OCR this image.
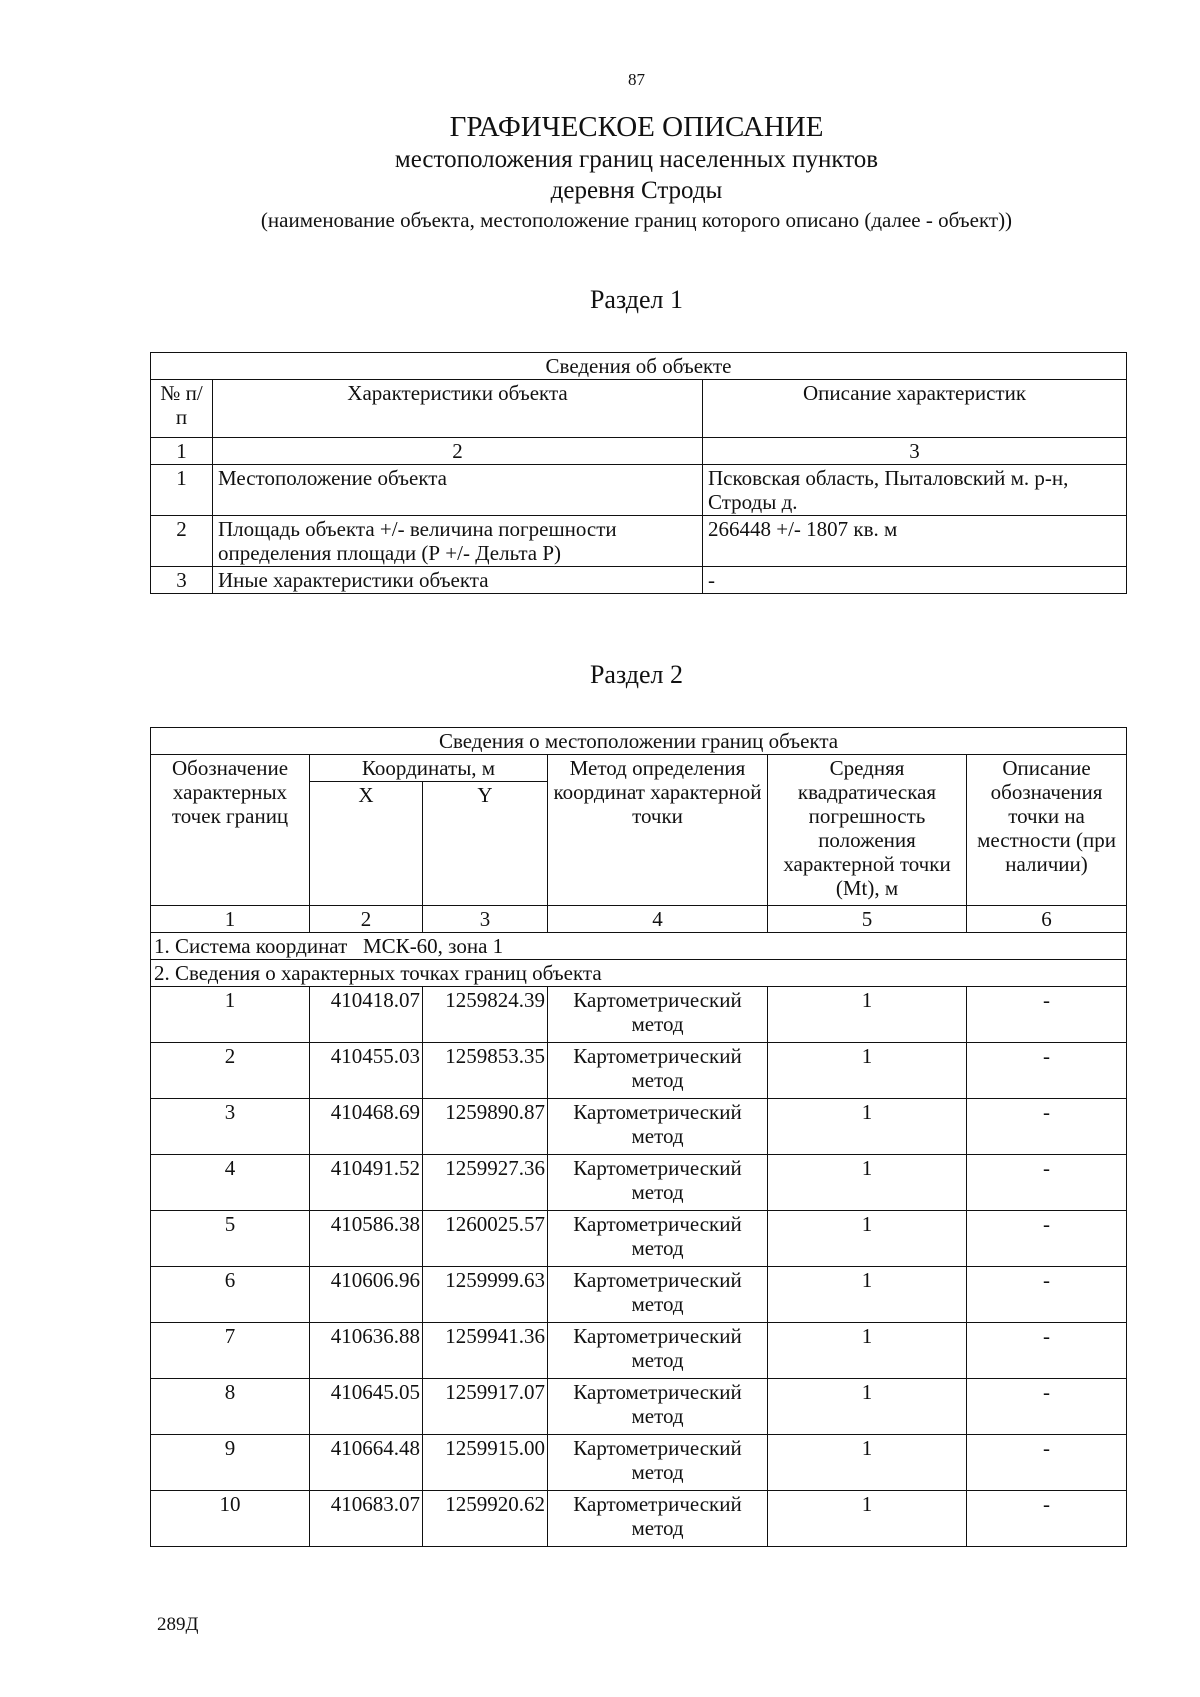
87
ГРАФИЧЕСКОЕ ОПИСАНИЕ
местоположения границ населенных пунктов
деревня Строды
(наименование объекта, местоположение границ которого описано (далее - объект))
Раздел 1
Сведения об объекте		
№ п/п	Характеристики объекта	Описание характеристик
1	2	3
1	Местоположение объекта	Псковская область, Пыталовский м. р-н, Строды д.
2	Площадь объекта +/- величина погрешности определения площади (Р +/- Дельта Р)	266448 +/- 1807 кв. м
3	Иные характеристики объекта	-
Раздел 2
Сведения о местоположении границ объекта					
Обозначение характерных точек границ	Координаты, м		Метод определения координат характерной точки	Средняя квадратическая погрешность положения характерной точки (Mt), м	Описание обозначения точки на местности (при наличии)
	X	Y			
1	2	3	4	5	6
1. Система координат   МСК-60, зона 1					
2. Сведения о характерных точках границ объекта					
1	410418.07	1259824.39	Картометрический метод	1	-
2	410455.03	1259853.35	Картометрический метод	1	-
3	410468.69	1259890.87	Картометрический метод	1	-
4	410491.52	1259927.36	Картометрический метод	1	-
5	410586.38	1260025.57	Картометрический метод	1	-
6	410606.96	1259999.63	Картометрический метод	1	-
7	410636.88	1259941.36	Картометрический метод	1	-
8	410645.05	1259917.07	Картометрический метод	1	-
9	410664.48	1259915.00	Картометрический метод	1	-
10	410683.07	1259920.62	Картометрический метод	1	-
289Д
